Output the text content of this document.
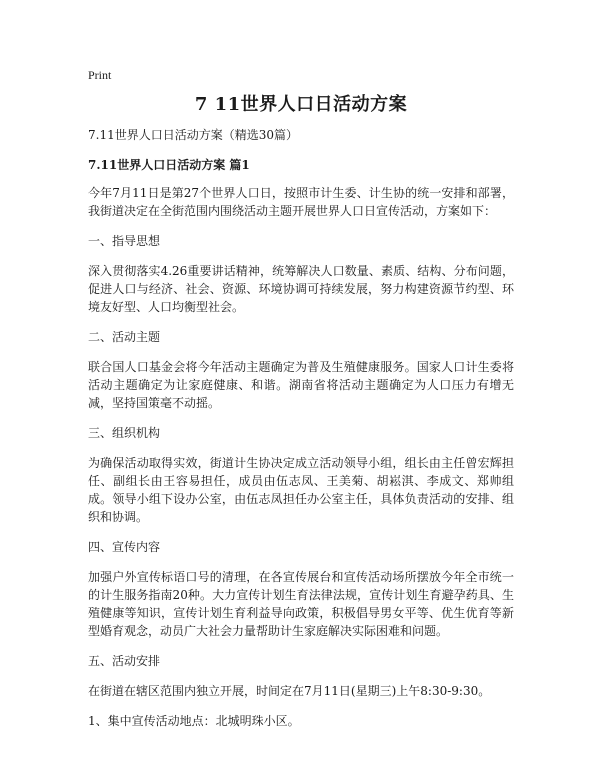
Print
7 11世界人口日活动方案
7.11世界人口日活动方案（精选30篇）
7.11世界人口日活动方案 篇1
今年7月11日是第27个世界人口日，按照市计生委、计生协的统一安排和部署，我街道决定在全街范围内围绕活动主题开展世界人口日宣传活动，方案如下：
一、指导思想
深入贯彻落实4.26重要讲话精神，统筹解决人口数量、素质、结构、分布问题，促进人口与经济、社会、资源、环境协调可持续发展，努力构建资源节约型、环境友好型、人口均衡型社会。
二、活动主题
联合国人口基金会将今年活动主题确定为普及生殖健康服务。国家人口计生委将活动主题确定为让家庭健康、和谐。湖南省将活动主题确定为人口压力有增无减，坚持国策毫不动摇。
三、组织机构
为确保活动取得实效，街道计生协决定成立活动领导小组，组长由主任曾宏辉担任、副组长由王容易担任，成员由伍志凤、王美菊、胡崧淇、李成文、郑帅组成。领导小组下设办公室，由伍志凤担任办公室主任，具体负责活动的安排、组织和协调。
四、宣传内容
加强户外宣传标语口号的清理，在各宣传展台和宣传活动场所摆放今年全市统一的计生服务指南20种。大力宣传计划生育法律法规，宣传计划生育避孕药具、生殖健康等知识，宣传计划生育利益导向政策，积极倡导男女平等、优生优育等新型婚育观念，动员广大社会力量帮助计生家庭解决实际困难和问题。
五、活动安排
在街道在辖区范围内独立开展，时间定在7月11日(星期三)上午8:30-9:30。
1、集中宣传活动地点：北城明珠小区。
